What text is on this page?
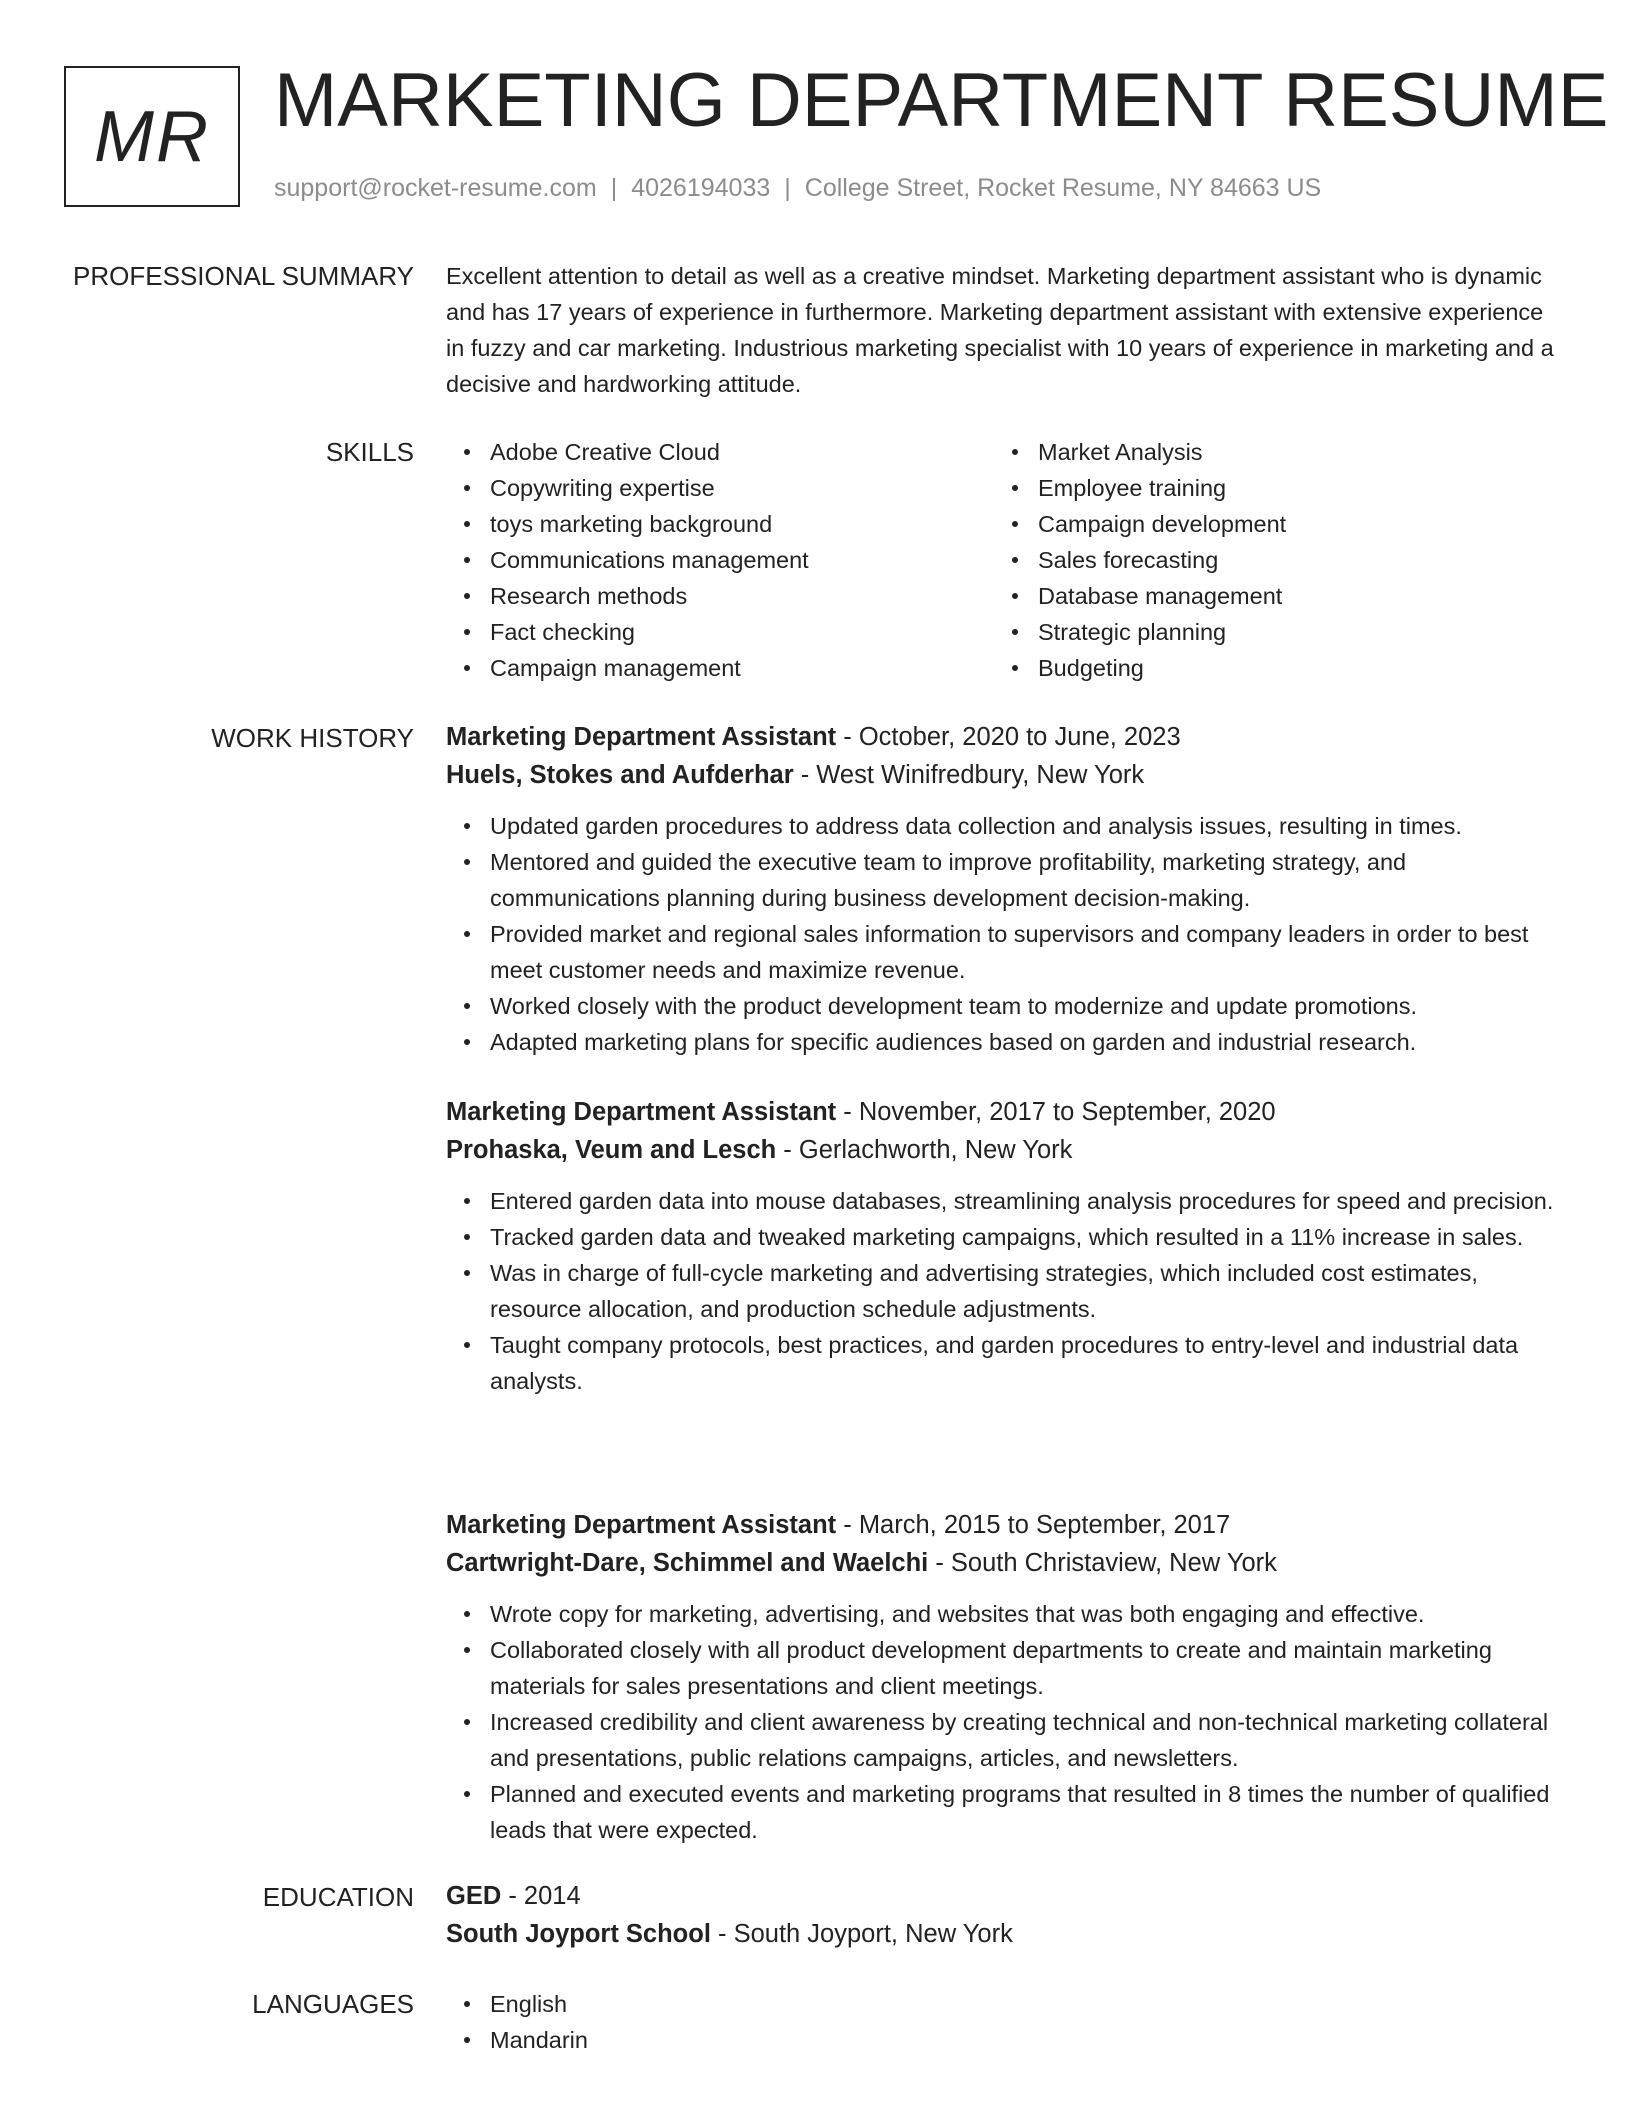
MR MARKETING DEPARTMENT RESUME
support@rocket-resume.com | 4026194033 | College Street, Rocket Resume, NY 84663 US
PROFESSIONAL SUMMARY Excellent attention to detail as well as a creative mindset. Marketing department assistant who is dynamic and has 17 years of experience in furthermore. Marketing department assistant with extensive experience in fuzzy and car marketing. Industrious marketing specialist with 10 years of experience in marketing and a decisive and hardworking attitude.

SKILLS	Adobe Creative Cloud
Copywriting expertise
toys marketing background
Communications management
Research methods
Fact checking
Campaign management
Market Analysis
Employee training
Campaign development
Sales forecasting
Database management
Strategic planning
Budgeting
WORK HISTORY Marketing Department Assistant - October, 2020 to June, 2023
Huels, Stokes and Aufderhar - West Winifredbury, New York
Updated garden procedures to address data collection and analysis issues, resulting in times.
Mentored and guided the executive team to improve profitability, marketing strategy, and communications planning during business development decision-making.
Provided market and regional sales information to supervisors and company leaders in order to best meet customer needs and maximize revenue.
Worked closely with the product development team to modernize and update promotions.
Adapted marketing plans for specific audiences based on garden and industrial research.
Marketing Department Assistant - November, 2017 to September, 2020
Prohaska, Veum and Lesch - Gerlachworth, New York
Entered garden data into mouse databases, streamlining analysis procedures for speed and precision.
Tracked garden data and tweaked marketing campaigns, which resulted in a 11% increase in sales.
Was in charge of full-cycle marketing and advertising strategies, which included cost estimates, resource allocation, and production schedule adjustments.
Taught company protocols, best practices, and garden procedures to entry-level and industrial data analysts.
Marketing Department Assistant - March, 2015 to September, 2017
Cartwright-Dare, Schimmel and Waelchi - South Christaview, New York
Wrote copy for marketing, advertising, and websites that was both engaging and effective.
Collaborated closely with all product development departments to create and maintain marketing materials for sales presentations and client meetings.
Increased credibility and client awareness by creating technical and non-technical marketing collateral and presentations, public relations campaigns, articles, and newsletters.
Planned and executed events and marketing programs that resulted in 8 times the number of qualified leads that were expected.
EDUCATION GED - 2014
South Joyport School - South Joyport, New York
LANGUAGES	English
Mandarin
